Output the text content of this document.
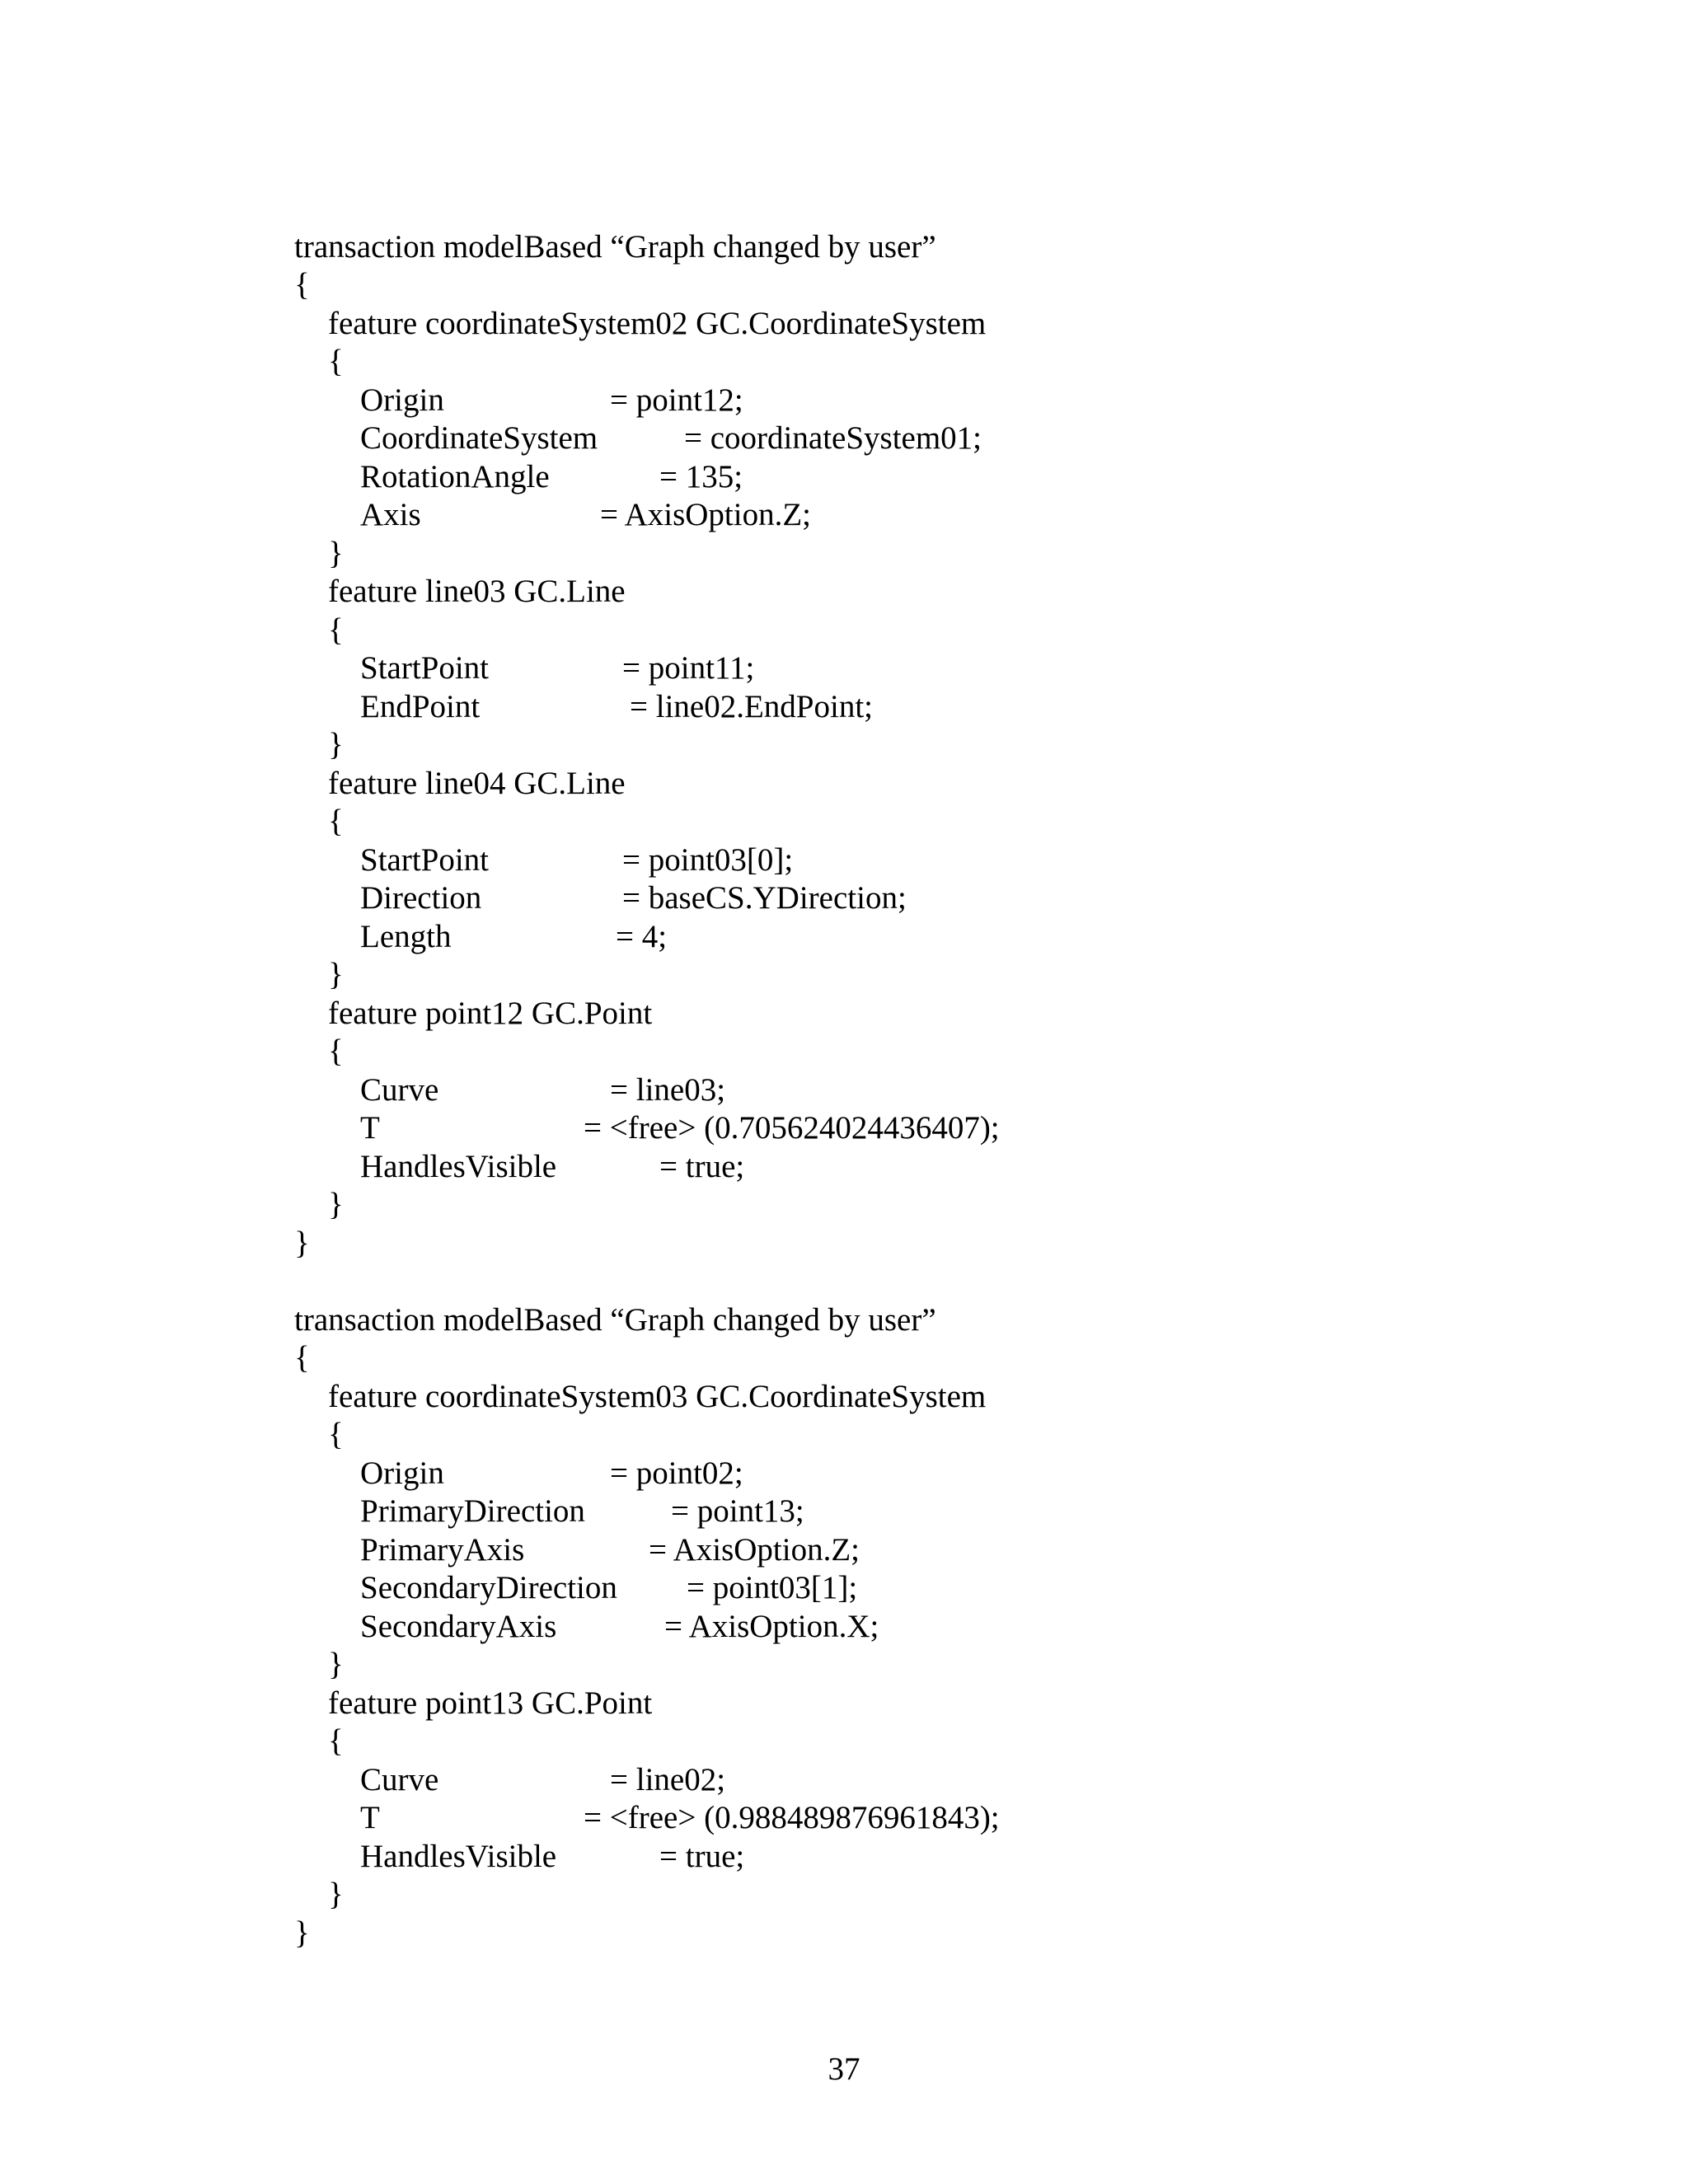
transaction modelBased “Graph changed by user”
{
feature coordinateSystem02 GC.CoordinateSystem
{
Origin	= point12;
CoordinateSystem	= coordinateSystem01;
RotationAngle	= 135;
Axis	= AxisOption.Z;
}
feature line03 GC.Line
{
StartPoint	= point11;
EndPoint	= line02.EndPoint;
}
feature line04 GC.Line
{
StartPoint	= point03[0];
Direction	= baseCS.YDirection;
Length	= 4;
}
feature point12 GC.Point
{
Curve	= line03;
T	= <free> (0.705624024436407);
HandlesVisible	= true;
}
}
transaction modelBased “Graph changed by user”
{
feature coordinateSystem03 GC.CoordinateSystem
{
Origin	= point02;
PrimaryDirection	= point13;
PrimaryAxis	= AxisOption.Z;
SecondaryDirection = point03[1];
SecondaryAxis	= AxisOption.X;
}
feature point13 GC.Point
{
Curve	= line02;
T	= <free> (0.988489876961843);
HandlesVisible	= true;
}
}
37
